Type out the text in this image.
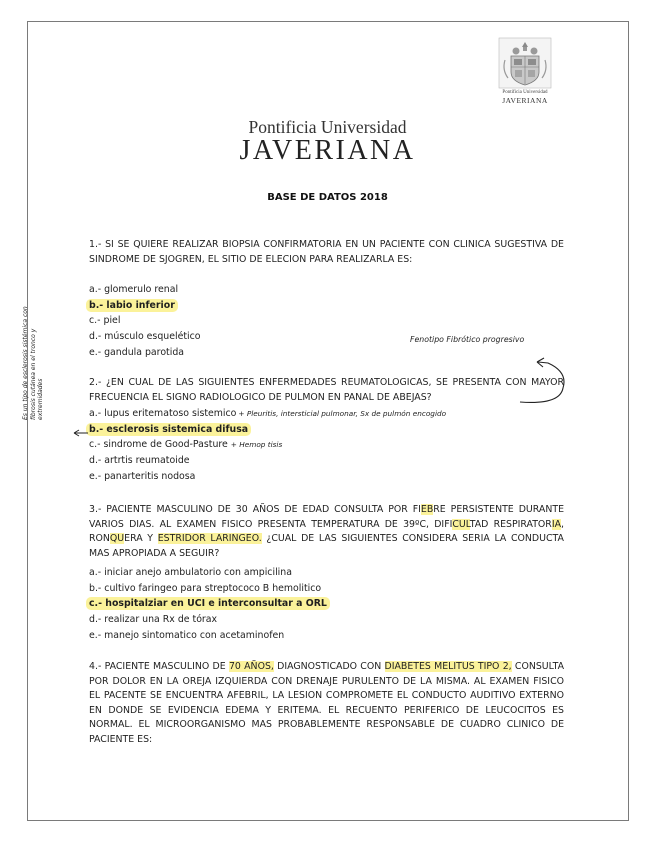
Pontificia Universidad
JAVERIANA
Pontificia Universidad
JAVERIANA
BASE DE DATOS 2018

1.- SI SE QUIERE REALIZAR BIOPSIA CONFIRMATORIA EN UN PACIENTE CON CLINICA SUGESTIVA DE SINDROME DE SJOGREN, EL SITIO DE ELECION PARA REALIZARLA ES:

a.- glomerulo renal
b.- labio inferior
c.- piel
d.- músculo esquelético
e.- gandula parotida
Fenotipo Fibrótico progresivo

2.- ¿EN CUAL DE LAS SIGUIENTES ENFERMEDADES REUMATOLOGICAS, SE PRESENTA CON MAYOR FRECUENCIA EL SIGNO RADIOLOGICO DE PULMON EN PANAL DE ABEJAS?

a.- lupus eritematoso sistemico + Pleuritis, intersticial pulmonar, Sx de pulmón encogido
b.- esclerosis sistemica difusa
c.- sindrome de Good-Pasture + Hemop tisis
d.- artrtis reumatoide
e.- panarteritis nodosa
Es un tipo de esclerosis sistémica con fibrosis cutánea en el tronco y extremidades

3.- PACIENTE MASCULINO DE 30 AÑOS DE EDAD CONSULTA POR FIEBRE PERSISTENTE DURANTE VARIOS DIAS. AL EXAMEN FISICO PRESENTA TEMPERATURA DE 39ºC, DIFICULTAD RESPIRATORIA, RONQUERA Y ESTRIDOR LARINGEO. ¿CUAL DE LAS SIGUIENTES CONSIDERA SERIA LA CONDUCTA MAS APROPIADA A SEGUIR?

a.- iniciar anejo ambulatorio con ampicilina
b.- cultivo faringeo para streptococo B hemolitico
c.- hospitalziar en UCI e interconsultar a ORL
d.- realizar una Rx de tórax
e.- manejo sintomatico con acetaminofen

4.- PACIENTE MASCULINO DE 70 AÑOS, DIAGNOSTICADO CON DIABETES MELITUS TIPO 2, CONSULTA POR DOLOR EN LA OREJA IZQUIERDA CON DRENAJE PURULENTO DE LA MISMA. AL EXAMEN FISICO EL PACENTE SE ENCUENTRA AFEBRIL, LA LESION COMPROMETE EL CONDUCTO AUDITIVO EXTERNO EN DONDE SE EVIDENCIA EDEMA Y ERITEMA. EL RECUENTO PERIFERICO DE LEUCOCITOS ES NORMAL. EL MICROORGANISMO MAS PROBABLEMENTE RESPONSABLE DE CUADRO CLINICO DE PACIENTE ES:
